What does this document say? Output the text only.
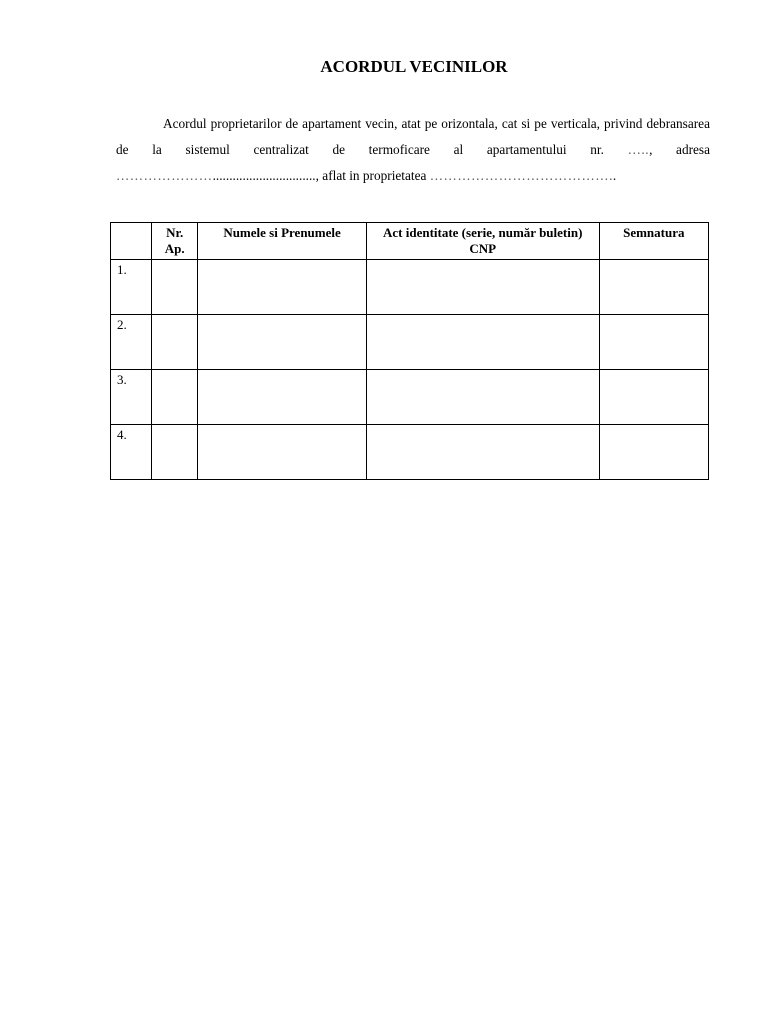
ACORDUL VECINILOR

Acordul proprietarilor de apartament vecin, atat pe orizontala, cat si pe verticala, privind debransarea de la sistemul centralizat de termoficare al apartamentului nr. ….., adresa …………………..............................., aflat in proprietatea …………………………………..

	Nr. Ap.	Numele si Prenumele	Act identitate (serie, număr buletin) CNP	Semnatura
1.				
2.				
3.				
4.				
